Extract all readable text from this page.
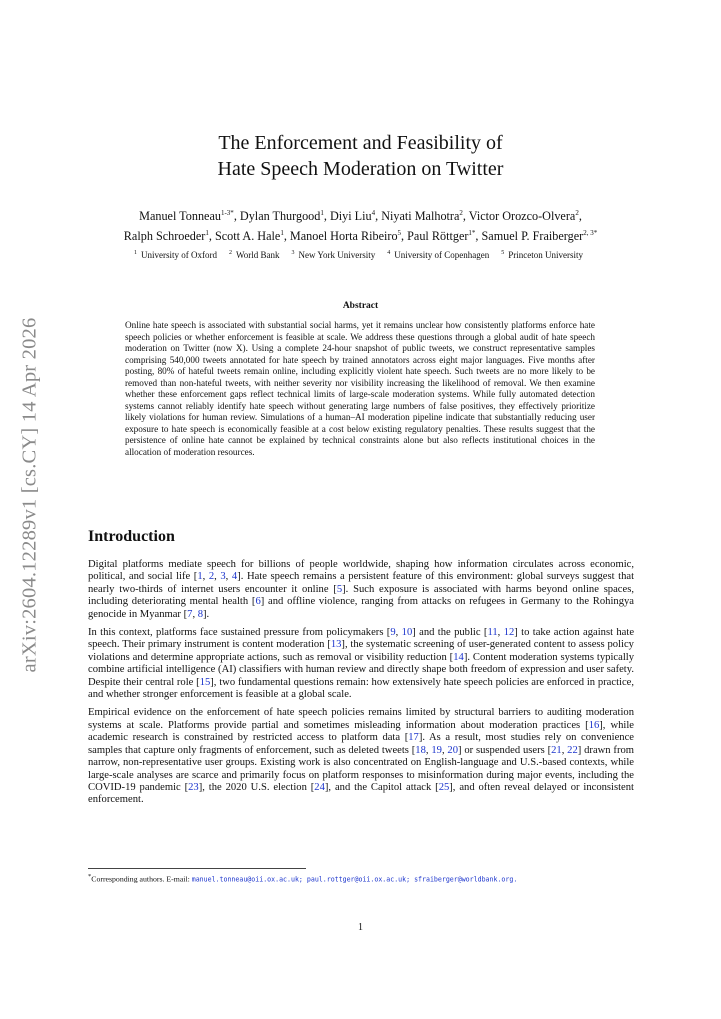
arXiv:2604.12289v1 [cs.CY] 14 Apr 2026
The Enforcement and Feasibility of
Hate Speech Moderation on Twitter
Manuel Tonneau$^{1-3*}$, Dylan Thurgood$^1$, Diyi Liu$^4$, Niyati Malhotra$^2$, Victor Orozco-Olvera$^2$,
Ralph Schroeder$^1$, Scott A. Hale$^1$, Manoel Horta Ribeiro$^5$, Paul Röttger$^{1*}$, Samuel P. Fraiberger$^{2, 3*}$
$^1$ University of Oxford $^2$ World Bank $^3$ New York University $^4$ University of Copenhagen $^5$ Princeton University
Abstract

Online hate speech is associated with substantial social harms, yet it remains unclear how consistently platforms enforce hate speech policies or whether enforcement is feasible at scale. We address these questions through a global audit of hate speech moderation on Twitter (now X). Using a complete 24-hour snapshot of public tweets, we construct representative samples comprising 540,000 tweets annotated for hate speech by trained annotators across eight major languages. Five months after posting, 80% of hateful tweets remain online, including explicitly violent hate speech. Such tweets are no more likely to be removed than non-hateful tweets, with neither severity nor visibility increasing the likelihood of removal. We then examine whether these enforcement gaps reflect technical limits of large-scale moderation systems. While fully automated detection systems cannot reliably identify hate speech without generating large numbers of false positives, they effectively prioritize likely violations for human review. Simulations of a human–AI moderation pipeline indicate that substantially reducing user exposure to hate speech is economically feasible at a cost below existing regulatory penalties. These results suggest that the persistence of online hate cannot be explained by technical constraints alone but also reflects institutional choices in the allocation of moderation resources.

Introduction

Digital platforms mediate speech for billions of people worldwide, shaping how information circulates across economic, political, and social life [1, 2, 3, 4]. Hate speech remains a persistent feature of this environment: global surveys suggest that nearly two-thirds of internet users encounter it online [5]. Such exposure is associated with harms beyond online spaces, including deteriorating mental health [6] and offline violence, ranging from attacks on refugees in Germany to the Rohingya genocide in Myanmar [7, 8].

In this context, platforms face sustained pressure from policymakers [9, 10] and the public [11, 12] to take action against hate speech. Their primary instrument is content moderation [13], the systematic screening of user-generated content to assess policy violations and determine appropriate actions, such as removal or visibility reduction [14]. Content moderation systems typically combine artificial intelligence (AI) classifiers with human review and directly shape both freedom of expression and user safety. Despite their central role [15], two fundamental questions remain: how extensively hate speech policies are enforced in practice, and whether stronger enforcement is feasible at a global scale.

Empirical evidence on the enforcement of hate speech policies remains limited by structural barriers to auditing moderation systems at scale. Platforms provide partial and sometimes misleading information about moderation practices [16], while academic research is constrained by restricted access to platform data [17]. As a result, most studies rely on convenience samples that capture only fragments of enforcement, such as deleted tweets [18, 19, 20] or suspended users [21, 22] drawn from narrow, non-representative user groups. Existing work is also concentrated on English-language and U.S.-based contexts, while large-scale analyses are scarce and primarily focus on platform responses to misinformation during major events, including the COVID-19 pandemic [23], the 2020 U.S. election [24], and the Capitol attack [25], and often reveal delayed or inconsistent enforcement.

*Corresponding authors. E-mail: manuel.tonneau@oii.ox.ac.uk; paul.rottger@oii.ox.ac.uk; sfraiberger@worldbank.org.
1
